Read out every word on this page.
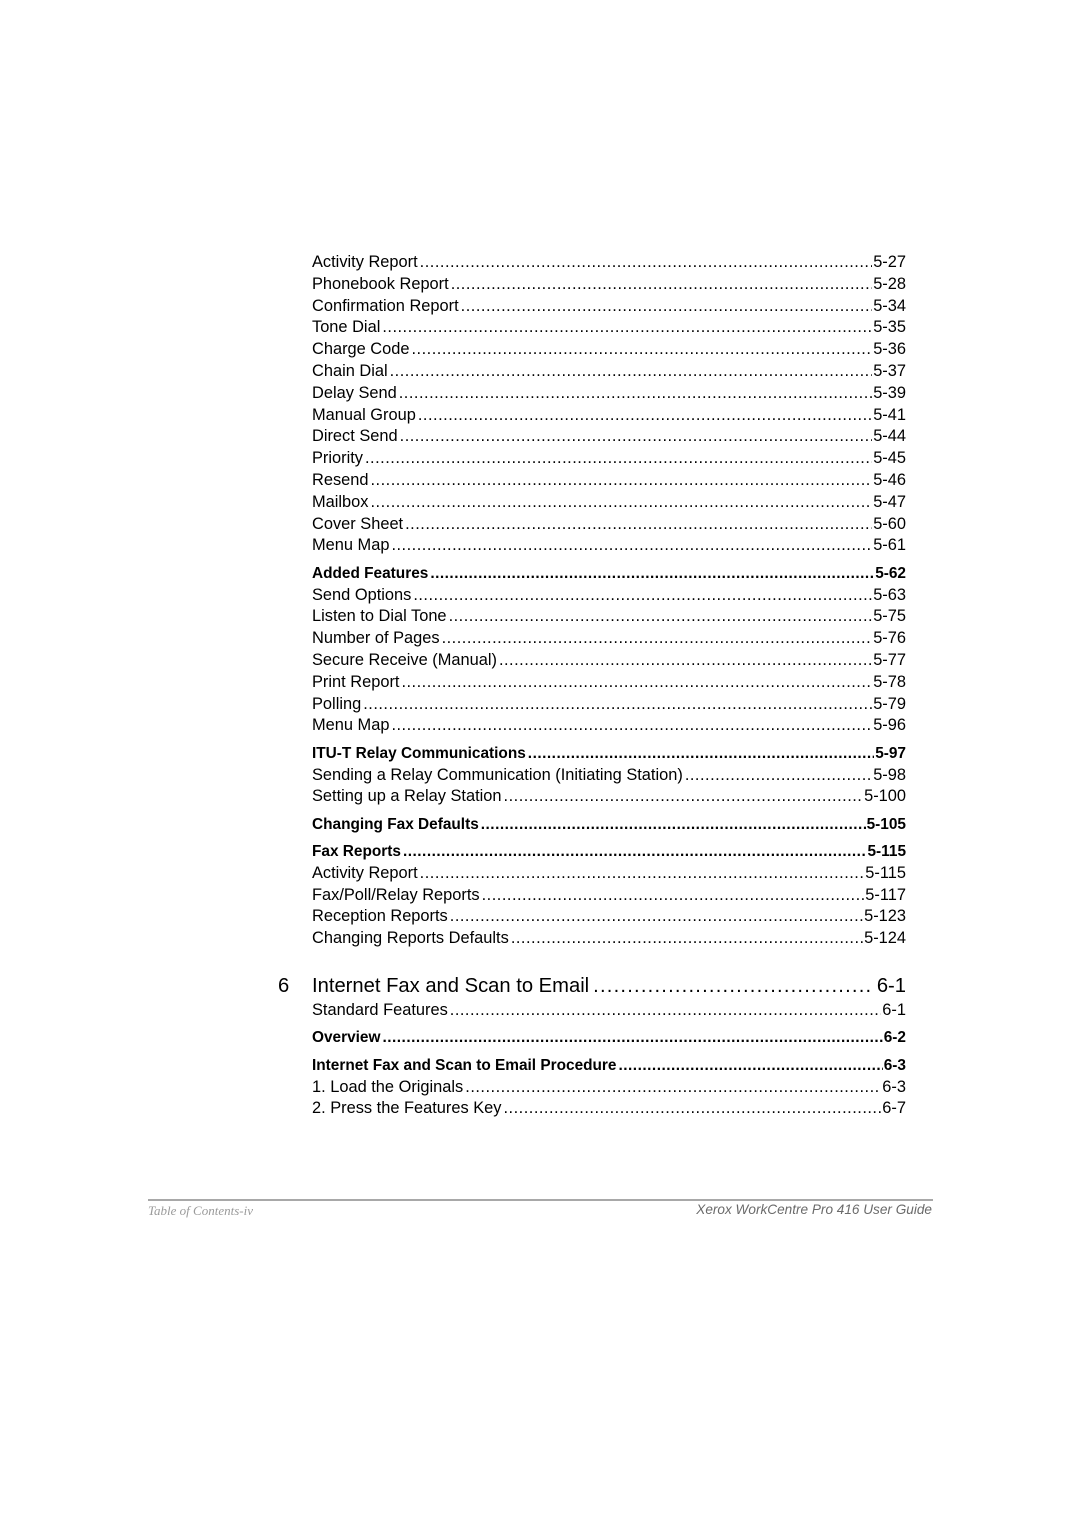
Activity Report .....	5-27
Phonebook Report .....	5-28
Confirmation Report .....	5-34
Tone Dial .....	5-35
Charge Code .....	5-36
Chain Dial .....	5-37
Delay Send .....	5-39
Manual Group .....	5-41
Direct Send .....	5-44
Priority .....	5-45
Resend .....	5-46
Mailbox .....	5-47
Cover Sheet .....	5-60
Menu Map .....	5-61
Added Features .....	5-62
Send Options .....	5-63
Listen to Dial Tone .....	5-75
Number of Pages .....	5-76
Secure Receive (Manual) .....	5-77
Print Report .....	5-78
Polling .....	5-79
Menu Map .....	5-96
ITU-T Relay Communications .....	5-97
Sending a Relay Communication (Initiating Station) .....	5-98
Setting up a Relay Station .....	5-100
Changing Fax Defaults .....	5-105
Fax Reports .....	5-115
Activity Report .....	5-115
Fax/Poll/Relay Reports .....	5-117
Reception Reports .....	5-123
Changing Reports Defaults .....	5-124
6	Internet Fax and Scan to Email .....	6-1
Standard Features .....	6-1
Overview .....	6-2
Internet Fax and Scan to Email Procedure .....	6-3
1. Load the Originals .....	6-3
2. Press the Features Key .....	6-7
Table of Contents-iv	Xerox WorkCentre Pro 416 User Guide
